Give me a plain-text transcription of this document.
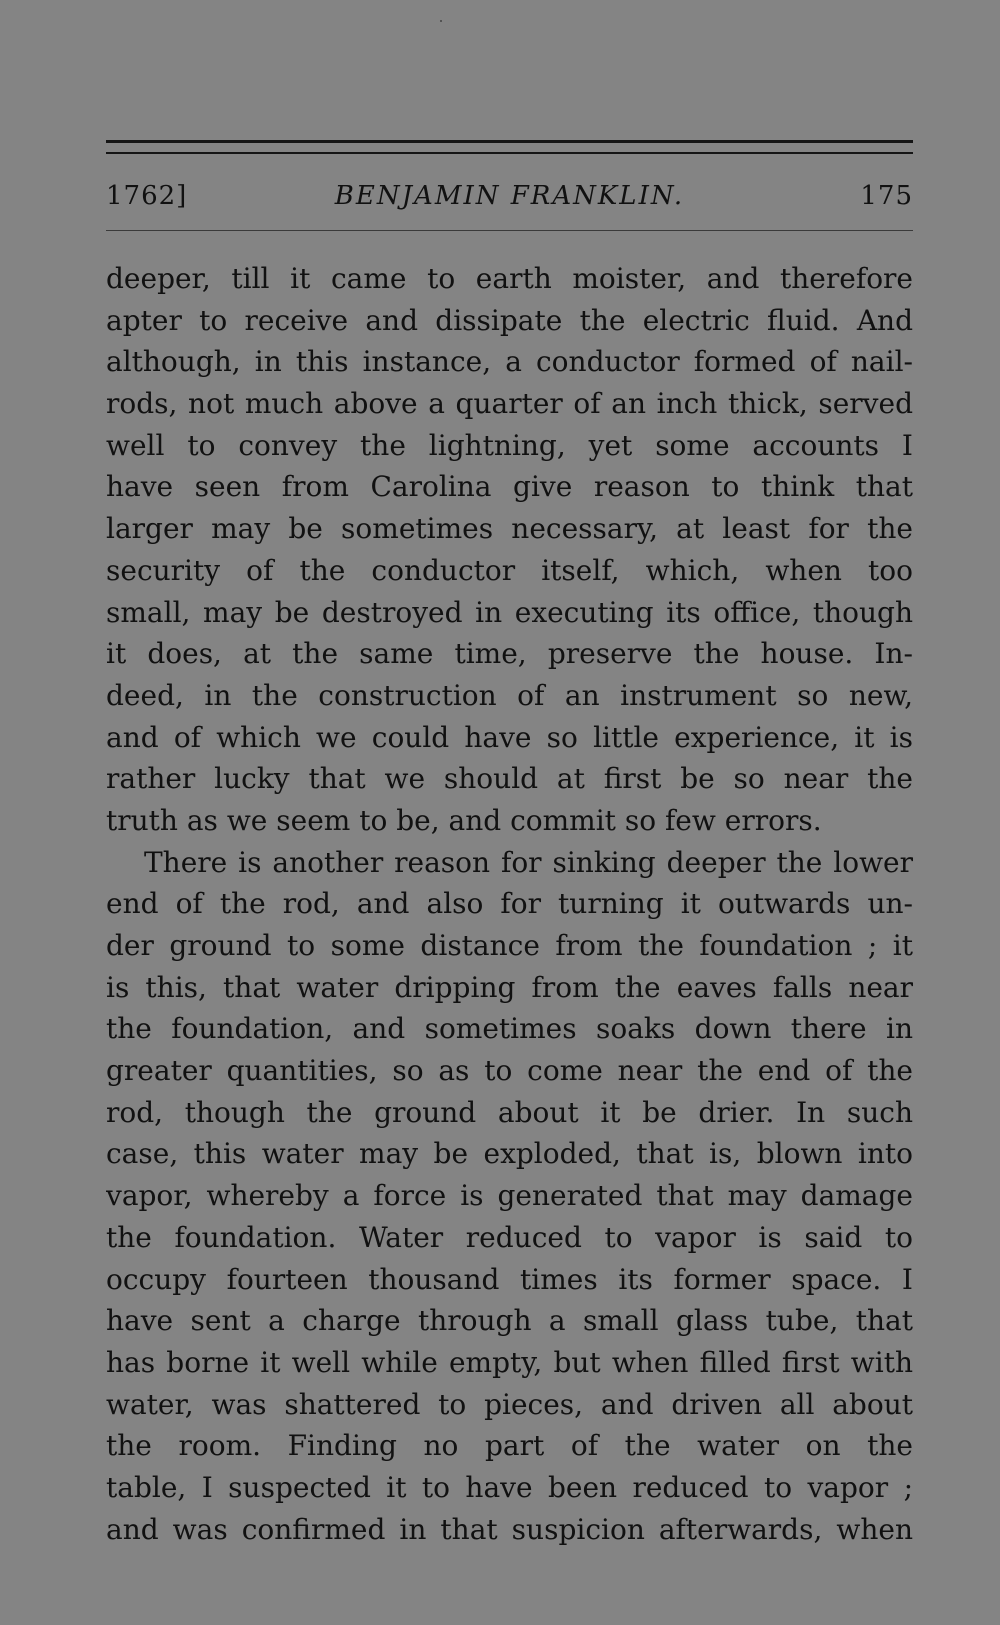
1762]	BENJAMIN FRANKLIN.	175
deeper, till it came to earth moister, and therefore
apter to receive and dissipate the electric fluid. And
although, in this instance, a conductor formed of nail-
rods, not much above a quarter of an inch thick, served
well to convey the lightning, yet some accounts I
have seen from Carolina give reason to think that
larger may be sometimes necessary, at least for the
security of the conductor itself, which, when too
small, may be destroyed in executing its office, though
it does, at the same time, preserve the house. In-
deed, in the construction of an instrument so new,
and of which we could have so little experience, it is
rather lucky that we should at first be so near the
truth as we seem to be, and commit so few errors.
There is another reason for sinking deeper the lower
end of the rod, and also for turning it outwards un-
der ground to some distance from the foundation ; it
is this, that water dripping from the eaves falls near
the foundation, and sometimes soaks down there in
greater quantities, so as to come near the end of the
rod, though the ground about it be drier. In such
case, this water may be exploded, that is, blown into
vapor, whereby a force is generated that may damage
the foundation. Water reduced to vapor is said to
occupy fourteen thousand times its former space. I
have sent a charge through a small glass tube, that
has borne it well while empty, but when filled first with
water, was shattered to pieces, and driven all about
the room. Finding no part of the water on the
table, I suspected it to have been reduced to vapor ;
and was confirmed in that suspicion afterwards, when
